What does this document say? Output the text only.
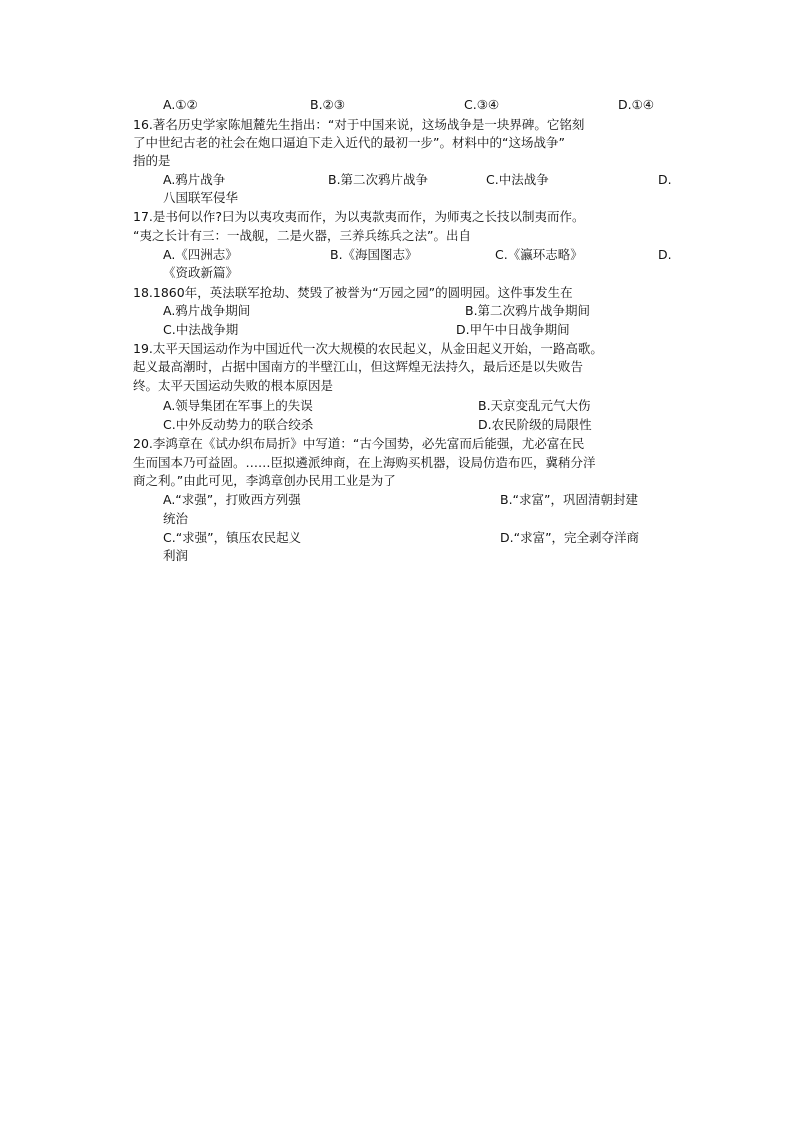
A.①②	B.②③	C.③④	D.①④
16.著名历史学家陈旭麓先生指出：“对于中国来说，这场战争是一块界碑。它铭刻
了中世纪古老的社会在炮口逼迫下走入近代的最初一步”。材料中的“这场战争”
指的是
A.鸦片战争	B.第二次鸦片战争	C.中法战争	D.
八国联军侵华
17.是书何以作?曰为以夷攻夷而作，为以夷款夷而作，为师夷之长技以制夷而作。
“夷之长计有三：一战舰，二是火器，三养兵练兵之法”。出自
A.《四洲志》	B.《海国图志》	C.《瀛环志略》	D.
《资政新篇》
18.1860年，英法联军抢劫、焚毁了被誉为“万园之园”的圆明园。这件事发生在
A.鸦片战争期间	B.第二次鸦片战争期间
C.中法战争期	D.甲午中日战争期间
19.太平天国运动作为中国近代一次大规模的农民起义，从金田起义开始，一路高歌。
起义最高潮时，占据中国南方的半壁江山，但这辉煌无法持久，最后还是以失败告
终。太平天国运动失败的根本原因是
A.领导集团在军事上的失误	B.天京变乱元气大伤
C.中外反动势力的联合绞杀	D.农民阶级的局限性
20.李鸿章在《试办织布局折》中写道：“古今国势，必先富而后能强，尤必富在民
生而国本乃可益固。……臣拟遴派绅商，在上海购买机器，设局仿造布匹，冀稍分洋
商之利。”由此可见，李鸿章创办民用工业是为了
A.“求强”，打败西方列强	B.“求富”，巩固清朝封建
统治
C.“求强”，镇压农民起义	D.“求富”，完全剥夺洋商
利润
